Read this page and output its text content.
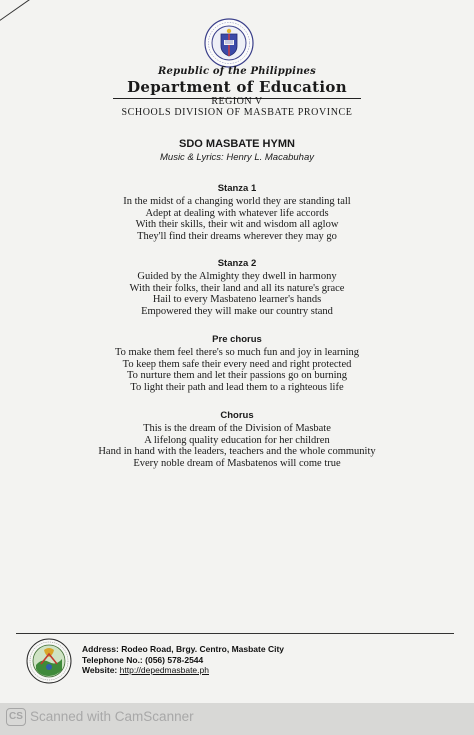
Republic of the Philippines
Department of Education
REGION V
SCHOOLS DIVISION OF MASBATE PROVINCE
SDO MASBATE HYMN
Music & Lyrics: Henry L. Macabuhay
Stanza 1
In the midst of a changing world they are standing tall
Adept at dealing with whatever life accords
With their skills, their wit and wisdom all aglow
They'll find their dreams wherever they may go
Stanza 2
Guided by the Almighty they dwell in harmony
With their folks, their land and all its nature's grace
Hail to every Masbateno learner's hands
Empowered they will make our country stand
Pre chorus
To make them feel there's so much fun and joy in learning
To keep them safe their every need and right protected
To nurture them and let their passions go on burning
To light their path and lead them to a righteous life
Chorus
This is the dream of the Division of Masbate
A lifelong quality education for her children
Hand in hand with the leaders, teachers and the whole community
Every noble dream of Masbatenos will come true
Address: Rodeo Road, Brgy. Centro, Masbate City
Telephone No.: (056) 578-2544
Website: http://depedmasbate.ph
CS Scanned with CamScanner
